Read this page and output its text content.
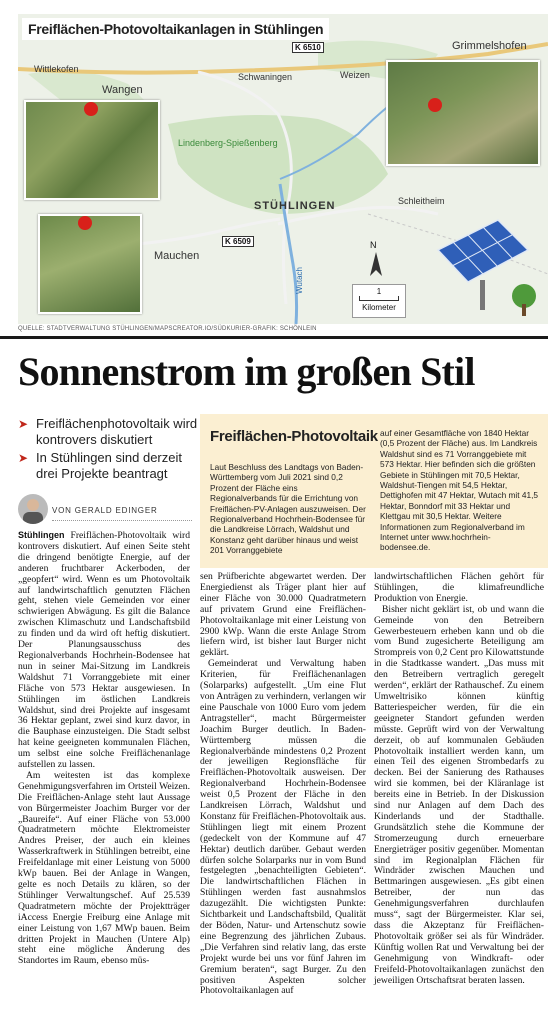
Freiflächen-Photovoltaikanlagen in Stühlingen
K 6510
K 6509
Wittlekofen
Wangen
Schwaningen	Weizen
Grimmelshofen
STÜHLINGEN	Schleitheim
Mauchen
Lindenberg-Spießenberg
Wutach
N
1
Kilometer
QUELLE: STADTVERWALTUNG STÜHLINGEN/MAPSCREATOR.IO/SÜDKURIER-GRAFIK: SCHÖNLEIN
Sonnenstrom im großen Stil
➤ Freiflächenphotovoltaik wird kontrovers diskutiert
➤ In Stühlingen sind derzeit drei Projekte beantragt
VON GERALD EDINGER
Freiflächen-Photovoltaik
Laut Beschluss des Landtags von Baden-Württemberg vom Juli 2021 sind 0,2 Prozent der Fläche eins Regionalverbands für die Errichtung von Freiflächen-PV-Anlagen auszuweisen. Der Regionalverband Hochrhein-Bodensee für die Landkreise Lörrach, Waldshut und Konstanz geht darüber hinaus und weist 201 Vorranggebiete
auf einer Gesamtfläche von 1840 Hektar (0,5 Prozent der Fläche) aus. Im Landkreis Waldshut sind es 71 Vorranggebiete mit 573 Hektar. Hier befinden sich die größten Gebiete in Stühlingen mit 70,5 Hektar, Waldshut-Tiengen mit 54,5 Hektar, Dettighofen mit 47 Hektar, Wutach mit 41,5 Hektar, Bonndorf mit 33 Hektar und Klettgau mit 30,5 Hektar. Weitere Informationen zum Regionalverband im Internet unter www.hochrhein-bodensee.de.

Stühlingen Freiflächen-Photovoltaik wird kontrovers diskutiert. Auf einen Seite steht die dringend benötigte Energie, auf der anderen fruchtbarer Ackerboden, der „geopfert“ wird. Wenn es um Photovoltaik auf landwirtschaftlich genutzten Flächen geht, stehen viele Gemeinden vor einer schwierigen Abwägung. Es gilt die Balance zwischen Klimaschutz und Landschaftsbild zu finden und da wird oft heftig diskutiert. Der Planungsausschuss des Regionalverbands Hochrhein-Bodensee hat nun in seiner Mai-Sitzung im Landkreis Waldshut 71 Vorranggebiete mit einer Fläche von 573 Hektar ausgewiesen. In Stühlingen im östlichen Landkreis Waldshut, sind drei Projekte auf insgesamt 36 Hektar geplant, zwei sind kurz davor, in die Bauphase einzusteigen. Die Stadt selbst hat keine geeigneten kommunalen Flächen, um selbst eine solche Freiflächenanlage aufstellen zu lassen.

Am weitesten ist das komplexe Genehmigungsverfahren im Ortsteil Weizen. Die Freiflächen-Anlage steht laut Aussage von Bürgermeister Joachim Burger vor der „Baureife“. Auf einer Fläche von 53.000 Quadratmetern möchte Elektromeister Andres Preiser, der auch ein kleines Wasserkraftwerk in Stühlingen betreibt, eine Freifeldanlage mit einer Leistung von 5000 kWp bauen. Bei der Anlage in Wangen, gelte es noch Details zu klären, so der Stühlinger Verwaltungschef. Auf 25.539 Quadratmetern möchte der Projektträger iAccess Energie Freiburg eine Anlage mit einer Leistung von 1,67 MWp bauen. Beim dritten Projekt in Mauchen (Untere Alp) steht eine mögliche Änderung des Standortes im Raum, ebenso müs-

sen Prüfberichte abgewartet werden. Der Energiedienst als Träger plant hier auf einer Fläche von 30.000 Quadratmetern auf privatem Grund eine Freiflächen-Photovoltaikanlage mit einer Leistung von 2900 kWp. Wann die erste Anlage Strom liefern wird, ist bisher laut Burger nicht geklärt.

Gemeinderat und Verwaltung haben Kriterien, für Freiflächenanlagen (Solarparks) aufgestellt. „Um eine Flut von Anträgen zu verhindern, verlangen wir eine Pauschale von 1000 Euro vom jedem Antragsteller“, macht Bürgermeister Joachim Burger deutlich. In Baden-Württemberg müssen die Regionalverbände mindestens 0,2 Prozent der jeweiligen Regionsfläche für Freiflächen-Photovoltaik ausweisen. Der Regionalverband Hochrhein-Bodensee weist 0,5 Prozent der Fläche in den Landkreisen Lörrach, Waldshut und Konstanz für Freiflächen-Photovoltaik aus. Stühlingen liegt mit einem Prozent (gedeckelt von der Kommune auf 47 Hektar) deutlich darüber. Gebaut werden dürfen solche Solarparks nur in vom Bund festgelegten „benachteiligten Gebieten“. Die landwirtschaftlichen Flächen in Stühlingen werden fast ausnahmslos dazugezählt. Die wichtigsten Punkte: Sichtbarkeit und Landschaftsbild, Qualität der Böden, Natur- und Artenschutz sowie eine Begrenzung des jährlichen Zubaus. „Die Verfahren sind relativ lang, das erste Projekt wurde bei uns vor fünf Jahren im Gremium beraten“, sagt Burger. Zu den positiven Aspekten solcher Photovoltaikanlagen auf

landwirtschaftlichen Flächen gehört für Stühlingen, die klimafreundliche Produktion von Energie.

Bisher nicht geklärt ist, ob und wann die Gemeinde von den Betreibern Gewerbesteuern erheben kann und ob die vom Bund zugesicherte Beteiligung am Strompreis von 0,2 Cent pro Kilowattstunde in die Stadtkasse wandert. „Das muss mit den Betreibern vertraglich geregelt werden“, erklärt der Rathauschef. Zu einem Umweltrisiko können künftig Batteriespeicher werden, für die ein geeigneter Standort gefunden werden müsste. Geprüft wird von der Verwaltung derzeit, ob auf kommunalen Gebäuden Photovoltaik installiert werden kann, um einen Teil des eigenen Strombedarfs zu decken. Bei der Sanierung des Rathauses wird sie kommen, bei der Kläranlage ist bereits eine in Betrieb. In der Diskussion sind nur Anlagen auf dem Dach des Kinderlands und der Stadthalle. Grundsätzlich stehe die Kommune der Stromerzeugung durch erneuerbare Energieträger positiv gegenüber. Momentan sind im Regionalplan Flächen für Windräder zwischen Mauchen und Bettmaringen ausgewiesen. „Es gibt einen Betreiber, der nun das Genehmigungsverfahren durchlaufen muss“, sagt der Bürgermeister. Klar sei, dass die Akzeptanz für Freiflächen-Photovoltaik größer sei als für Windräder. Künftig wollen Rat und Verwaltung bei der Genehmigung von Windkraft- oder Freifeld-Photovoltaikanlagen zunächst den jeweiligen Ortschaftsrat beraten lassen.
